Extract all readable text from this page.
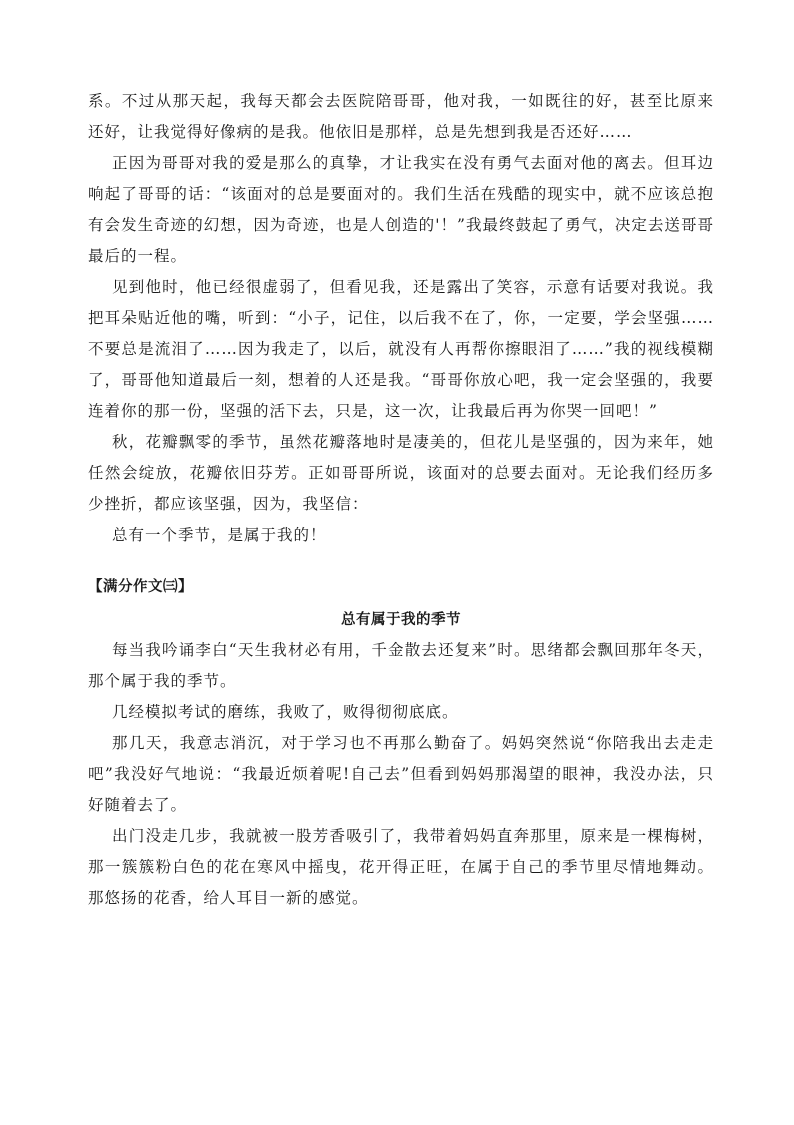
系。不过从那天起，我每天都会去医院陪哥哥，他对我，一如既往的好，甚至比原来还好，让我觉得好像病的是我。他依旧是那样，总是先想到我是否还好……

正因为哥哥对我的爱是那么的真挚，才让我实在没有勇气去面对他的离去。但耳边响起了哥哥的话：“该面对的总是要面对的。我们生活在残酷的现实中，就不应该总抱有会发生奇迹的幻想，因为奇迹，也是人创造的'！”我最终鼓起了勇气，决定去送哥哥最后的一程。

见到他时，他已经很虚弱了，但看见我，还是露出了笑容，示意有话要对我说。我把耳朵贴近他的嘴，听到：“小子，记住，以后我不在了，你，一定要，学会坚强……不要总是流泪了……因为我走了，以后，就没有人再帮你擦眼泪了……”我的视线模糊了，哥哥他知道最后一刻，想着的人还是我。“哥哥你放心吧，我一定会坚强的，我要连着你的那一份，坚强的活下去，只是，这一次，让我最后再为你哭一回吧！”

秋，花瓣飘零的季节，虽然花瓣落地时是凄美的，但花儿是坚强的，因为来年，她任然会绽放，花瓣依旧芬芳。正如哥哥所说，该面对的总要去面对。无论我们经历多少挫折，都应该坚强，因为，我坚信：

总有一个季节，是属于我的！

【满分作文㈢】

总有属于我的季节

每当我吟诵李白“天生我材必有用，千金散去还复来”时。思绪都会飘回那年冬天，那个属于我的季节。

几经模拟考试的磨练，我败了，败得彻彻底底。

那几天，我意志消沉，对于学习也不再那么勤奋了。妈妈突然说“你陪我出去走走吧”我没好气地说：“我最近烦着呢!自己去”但看到妈妈那渴望的眼神，我没办法，只好随着去了。

出门没走几步，我就被一股芳香吸引了，我带着妈妈直奔那里，原来是一棵梅树，那一簇簇粉白色的花在寒风中摇曳，花开得正旺，在属于自己的季节里尽情地舞动。那悠扬的花香，给人耳目一新的感觉。
